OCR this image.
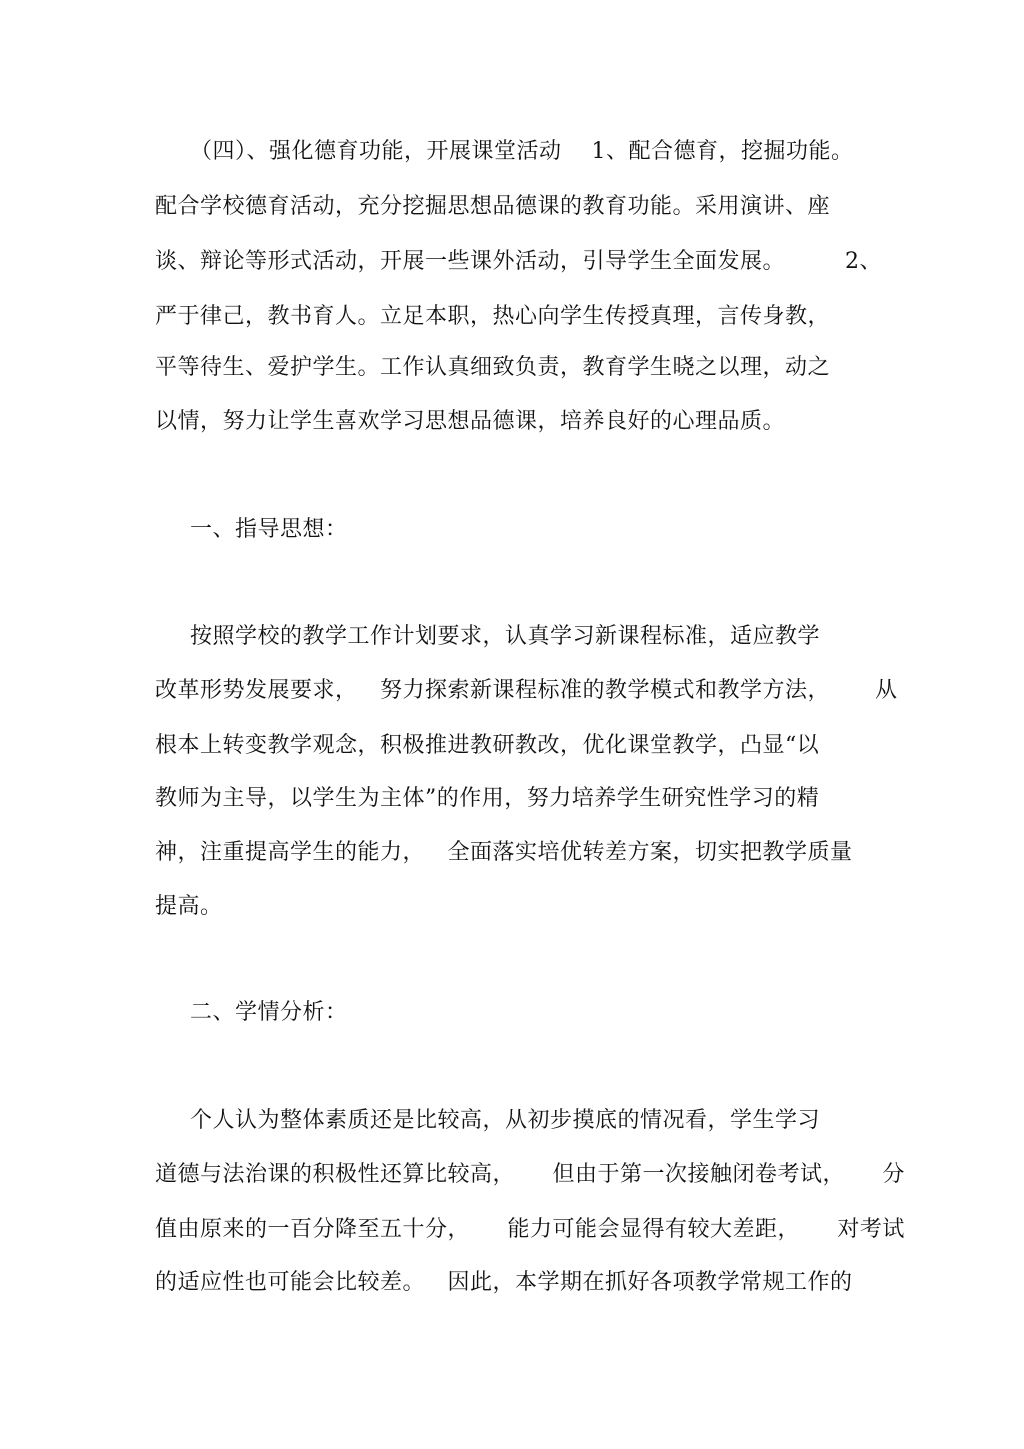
（四）、强化德育功能，开展课堂活动    1、配合德育，挖掘功能。
配合学校德育活动，充分挖掘思想品德课的教育功能。采用演讲、座
谈、辩论等形式活动，开展一些课外活动，引导学生全面发展。        2、
严于律己，教书育人。立足本职，热心向学生传授真理，言传身教，
平等待生、爱护学生。工作认真细致负责，教育学生晓之以理，动之
以情，努力让学生喜欢学习思想品德课，培养良好的心理品质。
一、指导思想：
按照学校的教学工作计划要求，认真学习新课程标准，适应教学
改革形势发展要求，   努力探索新课程标准的教学模式和教学方法，      从
根本上转变教学观念，积极推进教研教改，优化课堂教学，凸显“以
教师为主导，以学生为主体”的作用，努力培养学生研究性学习的精
神，注重提高学生的能力，   全面落实培优转差方案，切实把教学质量
提高。
二、学情分析：
个人认为整体素质还是比较高，从初步摸底的情况看，学生学习
道德与法治课的积极性还算比较高，     但由于第一次接触闭卷考试，     分
值由原来的一百分降至五十分，     能力可能会显得有较大差距，     对考试
的适应性也可能会比较差。   因此，本学期在抓好各项教学常规工作的
